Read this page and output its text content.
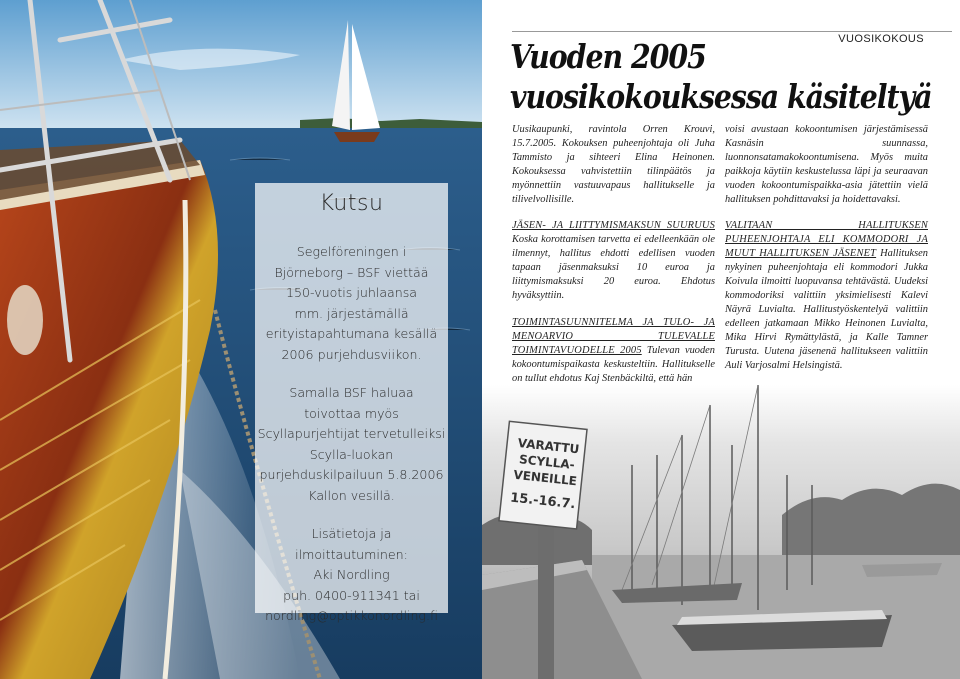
Kutsu
Segelföreningen i
Björneborg – BSF viettää
150-vuotis juhlaansa
mm. järjestämällä
erityistapahtumana kesällä
2006 purjehdusviikon.
Samalla BSF haluaa
toivottaa myös
Scyllapurjehtijat tervetulleiksi
Scylla-luokan
purjehduskilpailuun 5.8.2006
Kallon vesillä.
Lisätietoja ja
ilmoittautuminen:
Aki Nordling
puh. 0400-911341 tai
nordling@optikkonordling.fi
VUOSIKOKOUS
Vuoden 2005
vuosikokouksessa käsiteltyä

Uusikaupunki, ravintola Orren Krouvi, 15.7.2005. Kokouksen puheenjohtaja oli Juha Tammisto ja sihteeri Elina Heinonen. Kokouksessa vahvistettiin tilinpäätös ja myönnettiin vastuuvapaus hallitukselle ja tilivelvollisille.

JÄSEN- JA LIITTYMISMAKSUN SUURUUS Koska korottamisen tarvetta ei edelleenkään ole ilmennyt, hallitus ehdotti edellisen vuoden tapaan jäsenmaksuksi 10 euroa ja liittymismaksuksi 20 euroa. Ehdotus hyväksyttiin.

TOIMINTASUUNNITELMA JA TULO- JA MENOARVIO TULEVALLE TOIMINTAVUODELLE 2005 Tulevan vuoden kokoontumispaikasta keskusteltiin. Hallitukselle on tullut ehdotus Kaj Stenbäckiltä, että hän

voisi avustaan kokoontumisen järjestämisessä Kasnäsin suunnassa, luonnonsatamakokoontumisena. Myös muita paikkoja käytiin keskustelussa läpi ja seuraavan vuoden kokoontumispaikka-asia jätettiin vielä hallituksen pohdittavaksi ja hoidettavaksi.

VALITAAN HALLITUKSEN PUHEENJOHTAJA ELI KOMMODORI JA MUUT HALLITUKSEN JÄSENET Hallituksen nykyinen puheenjohtaja eli kommodori Jukka Koivula ilmoitti luopuvansa tehtävästä. Uudeksi kommodoriksi valittiin yksimielisesti Kalevi Näyrä Luvialta. Hallitustyöskentelyä valittiin edelleen jatkamaan Mikko Heinonen Luvialta, Mika Hirvi Rymättylästä, ja Kalle Tamner Turusta. Uutena jäsenenä hallitukseen valittiin Auli Varjosalmi Helsingistä.

VARATTU
SCYLLA-
VENEILLE
15.-16.7.
